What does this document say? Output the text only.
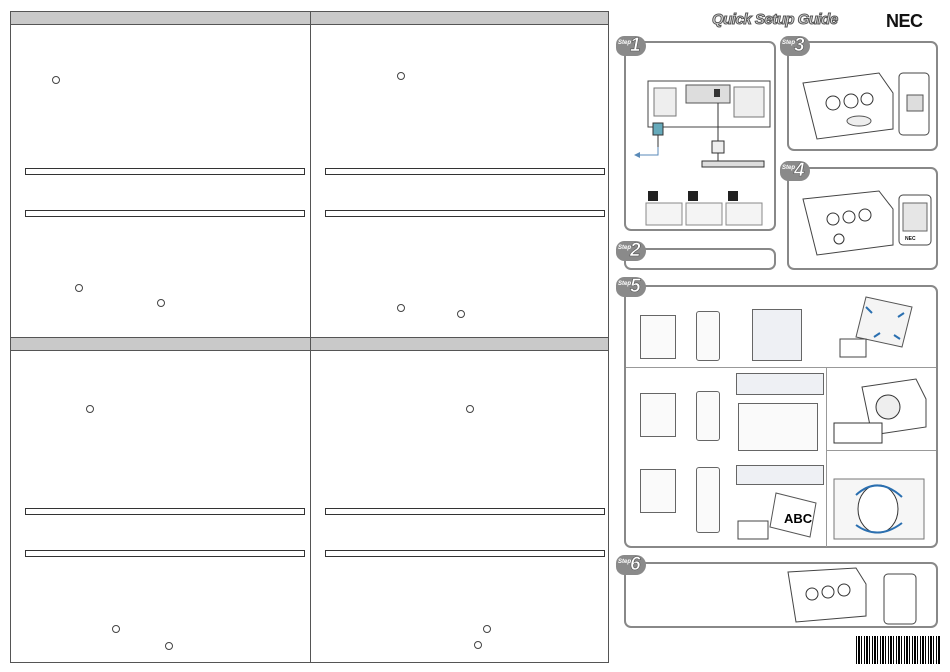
Quick Setup Guide	NEC
Step
1
Step
2
Step
3
NEC
Step
4
ABC
Step
5
Step
6
